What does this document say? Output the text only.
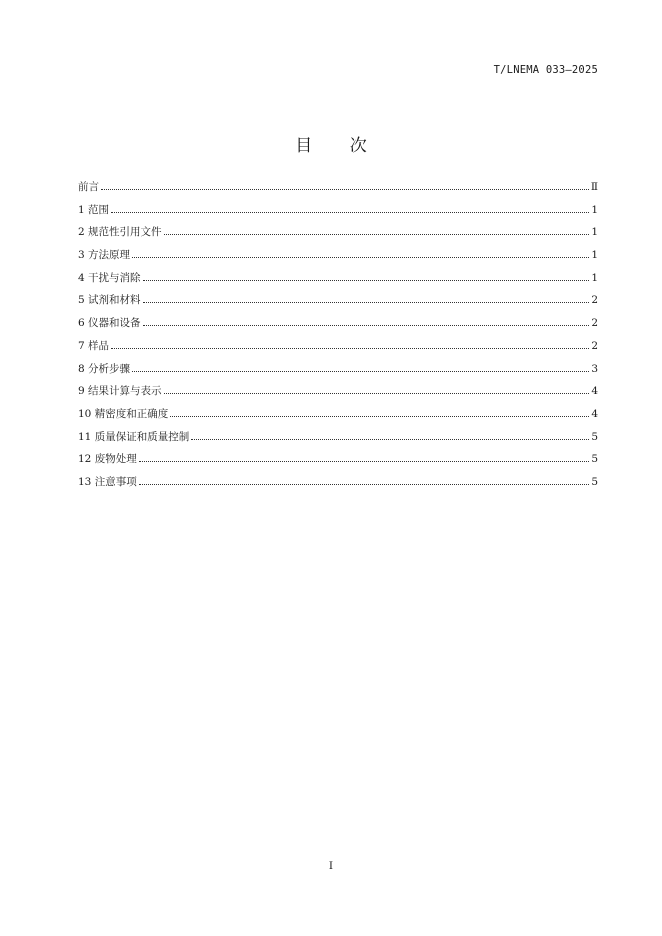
T/LNEMA 033—2025
目 次
前言	Ⅱ
1 范围	1
2 规范性引用文件	1
3 方法原理	1
4 干扰与消除	1
5 试剂和材料	2
6 仪器和设备	2
7 样品	2
8 分析步骤	3
9 结果计算与表示	4
10 精密度和正确度	4
11 质量保证和质量控制	5
12 废物处理	5
13 注意事项	5
I
